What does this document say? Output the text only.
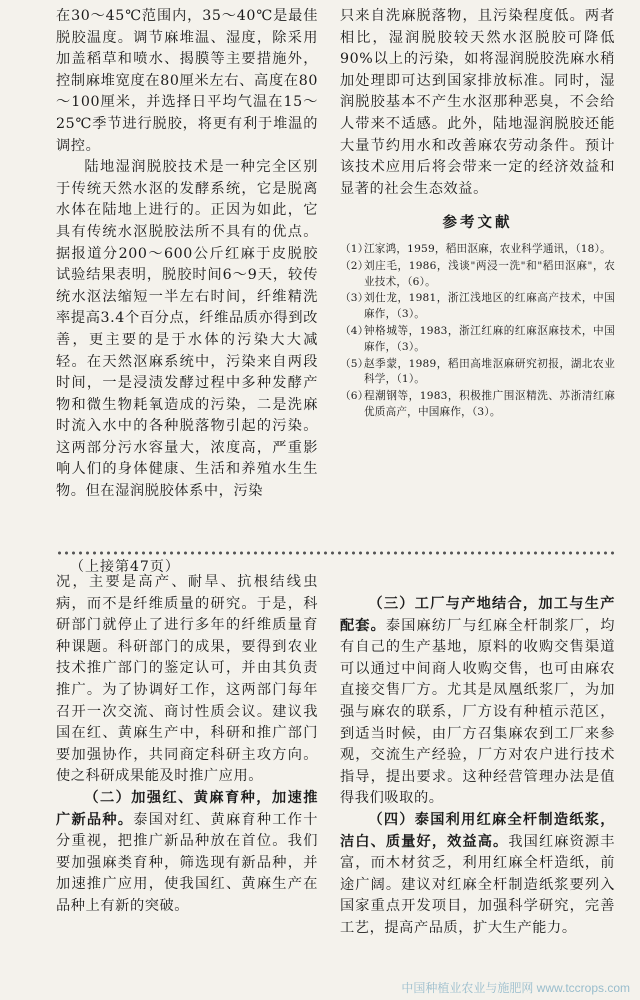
在30～45℃范围内，35～40℃是最佳脱胶温度。调节麻堆温、湿度，除采用加盖稻草和喷水、揭膜等主要措施外，控制麻堆宽度在80厘米左右、高度在80～100厘米，并选择日平均气温在15～25℃季节进行脱胶，将更有利于堆温的调控。

陆地湿润脱胶技术是一种完全区别于传统天然水沤的发酵系统，它是脱离水体在陆地上进行的。正因为如此，它具有传统水沤脱胶法所不具有的优点。据报道分200～600公斤红麻于皮脱胶试验结果表明，脱胶时间6～9天，较传统水沤法缩短一半左右时间，纤维精洗率提高3.4个百分点，纤维品质亦得到改善，更主要的是于水体的污染大大减轻。在天然沤麻系统中，污染来自两段时间，一是浸渍发酵过程中多种发酵产物和微生物耗氧造成的污染，二是洗麻时流入水中的各种脱落物引起的污染。这两部分污水容量大，浓度高，严重影响人们的身体健康、生活和养殖水生生物。但在湿润脱胶体系中，污染

只来自洗麻脱落物，且污染程度低。两者相比，湿润脱胶较天然水沤脱胶可降低90%以上的污染，如将湿润脱胶洗麻水稍加处理即可达到国家排放标准。同时，湿润脱胶基本不产生水沤那种恶臭，不会给人带来不适感。此外，陆地湿润脱胶还能大量节约用水和改善麻农劳动条件。预计该技术应用后将会带来一定的经济效益和显著的社会生态效益。

参考文献
（1）
江家鸿，1959，稻田沤麻，农业科学通讯，（18）。
（2）
刘庄毛，1986，浅谈"两浸一洗"和"稻田沤麻"，农业技术，（6）。
（3）
刘仕龙，1981，浙江浅地区的红麻高产技术，中国麻作，（3）。
（4）
钟格城等，1983，浙江红麻的红麻沤麻技术，中国麻作，（3）。
（5）
赵季蒙，1989，稻田高堆沤麻研究初报，湖北农业科学，（1）。
（6）
程潮钢等，1983，积极推广围沤精洗、苏浙清红麻优质高产，中国麻作，（3）。
（上接第47页）

况，主要是高产、耐旱、抗根结线虫病，而不是纤维质量的研究。于是，科研部门就停止了进行多年的纤维质量育种课题。科研部门的成果，要得到农业技术推广部门的鉴定认可，并由其负责推广。为了协调好工作，这两部门每年召开一次交流、商讨性质会议。建议我国在红、黄麻生产中，科研和推广部门要加强协作，共同商定科研主攻方向。使之科研成果能及时推广应用。

（二）加强红、黄麻育种，加速推广新品种。泰国对红、黄麻育种工作十分重视，把推广新品种放在首位。我们要加强麻类育种，筛选现有新品种，并加速推广应用，使我国红、黄麻生产在品种上有新的突破。

（三）工厂与产地结合，加工与生产配套。泰国麻纺厂与红麻全杆制浆厂，均有自己的生产基地，原料的收购交售渠道可以通过中间商人收购交售，也可由麻农直接交售厂方。尤其是凤凰纸浆厂，为加强与麻农的联系，厂方设有种植示范区，到适当时候，由厂方召集麻农到工厂来参观，交流生产经验，厂方对农户进行技术指导，提出要求。这种经营管理办法是值得我们吸取的。

（四）泰国利用红麻全杆制造纸浆，洁白、质量好，效益高。我国红麻资源丰富，而木材贫乏，利用红麻全杆造纸，前途广阔。建议对红麻全杆制造纸浆要列入国家重点开发项目，加强科学研究，完善工艺，提高产品质，扩大生产能力。

中国种植业农业与施肥网 www.tccrops.com
